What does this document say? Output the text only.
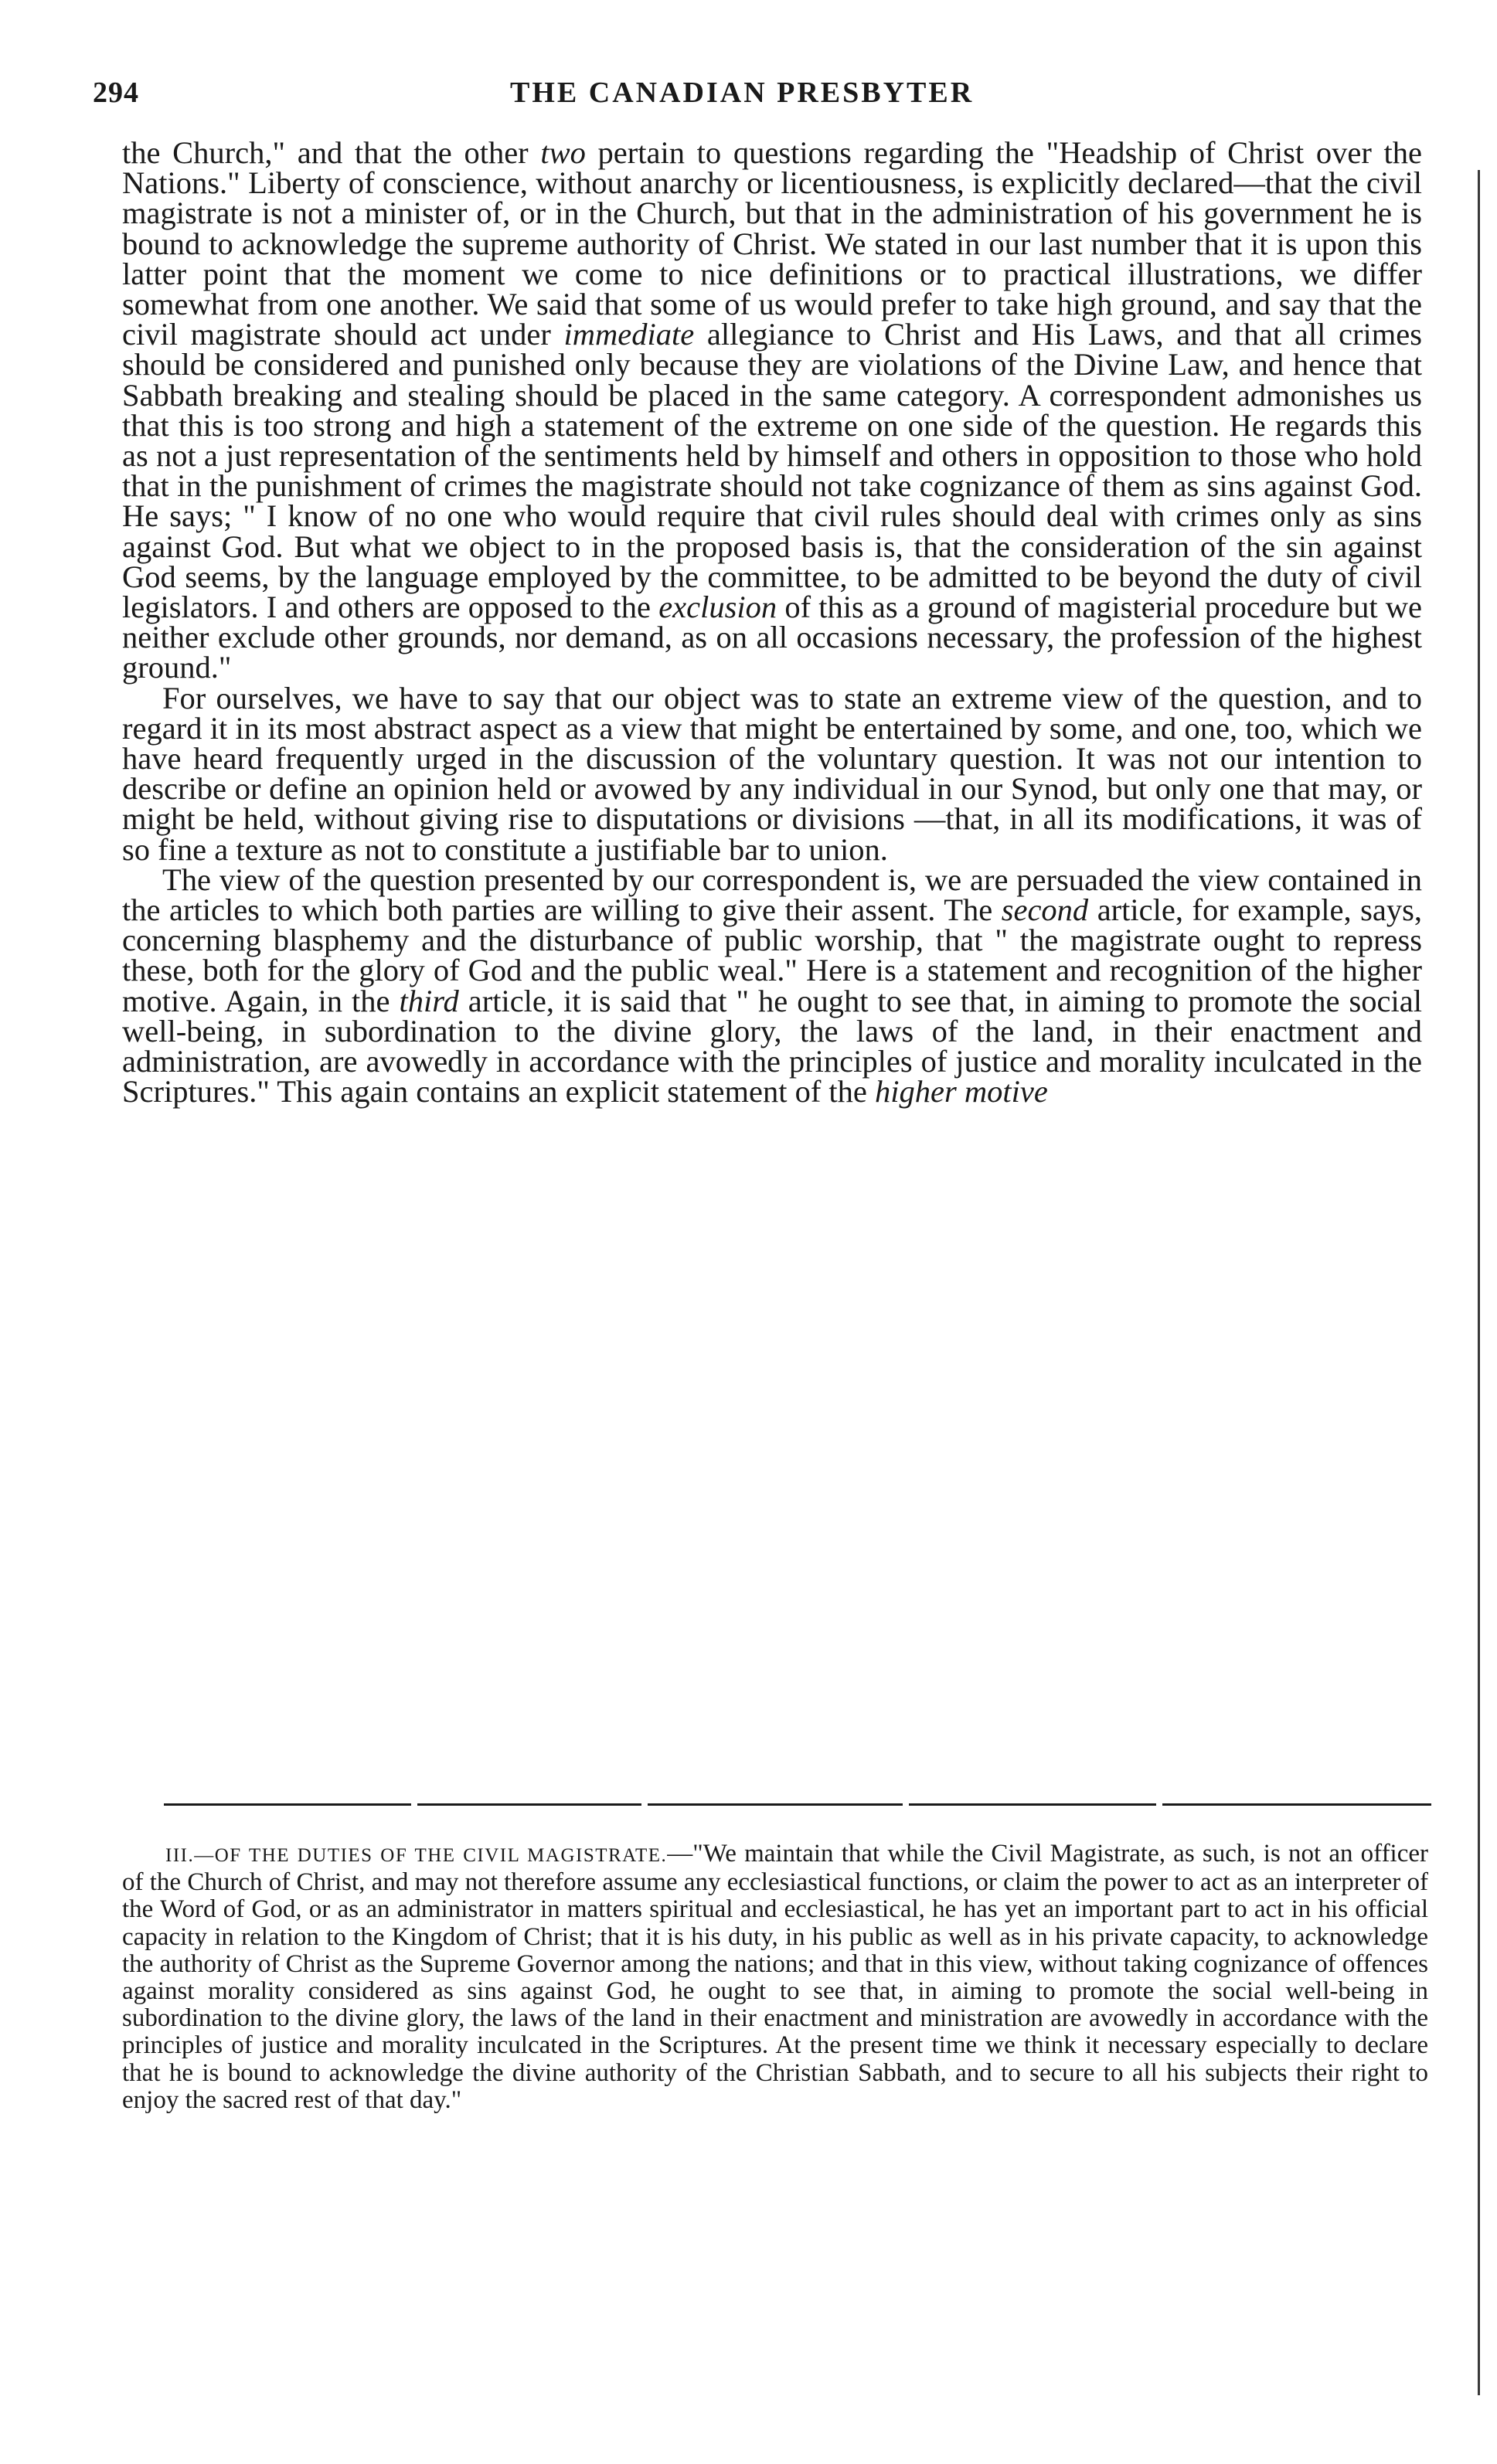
294	THE CANADIAN PRESBYTER

the Church," and that the other two pertain to questions regarding the "Headship of Christ over the Nations." Liberty of conscience, without anarchy or licentiousness, is explicitly declared—that the civil magistrate is not a minister of, or in the Church, but that in the administration of his government he is bound to acknowledge the supreme authority of Christ. We stated in our last number that it is upon this latter point that the moment we come to nice definitions or to practical illustrations, we differ somewhat from one another. We said that some of us would prefer to take high ground, and say that the civil magistrate should act under immediate allegiance to Christ and His Laws, and that all crimes should be considered and punished only because they are violations of the Divine Law, and hence that Sabbath breaking and stealing should be placed in the same category. A correspondent admonishes us that this is too strong and high a statement of the extreme on one side of the question. He regards this as not a just representation of the sentiments held by himself and others in opposition to those who hold that in the punishment of crimes the magistrate should not take cognizance of them as sins against God. He says; " I know of no one who would require that civil rules should deal with crimes only as sins against God. But what we object to in the proposed basis is, that the consideration of the sin against God seems, by the language employed by the committee, to be admitted to be beyond the duty of civil legislators. I and others are opposed to the exclusion of this as a ground of magisterial procedure but we neither exclude other grounds, nor demand, as on all occasions necessary, the profession of the highest ground."

For ourselves, we have to say that our object was to state an extreme view of the question, and to regard it in its most abstract aspect as a view that might be entertained by some, and one, too, which we have heard frequently urged in the discussion of the voluntary question. It was not our intention to describe or define an opinion held or avowed by any individual in our Synod, but only one that may, or might be held, without giving rise to disputations or divisions —that, in all its modifications, it was of so fine a texture as not to constitute a justifiable bar to union.

The view of the question presented by our correspondent is, we are persuaded the view contained in the articles to which both parties are willing to give their assent. The second article, for example, says, concerning blasphemy and the disturbance of public worship, that " the magistrate ought to repress these, both for the glory of God and the public weal." Here is a statement and recognition of the higher motive. Again, in the third article, it is said that " he ought to see that, in aiming to promote the social well-being, in subordination to the divine glory, the laws of the land, in their enactment and administration, are avowedly in accordance with the principles of justice and morality inculcated in the Scriptures." This again contains an explicit statement of the higher motive

III.—OF THE DUTIES OF THE CIVIL MAGISTRATE.—"We maintain that while the Civil Magistrate, as such, is not an officer of the Church of Christ, and may not therefore assume any ecclesiastical functions, or claim the power to act as an interpreter of the Word of God, or as an administrator in matters spiritual and ecclesiastical, he has yet an important part to act in his official capacity in relation to the Kingdom of Christ; that it is his duty, in his public as well as in his private capacity, to acknowledge the authority of Christ as the Supreme Governor among the nations; and that in this view, without taking cognizance of offences against morality considered as sins against God, he ought to see that, in aiming to promote the social well-being in subordination to the divine glory, the laws of the land in their enactment and ministration are avowedly in accordance with the principles of justice and morality inculcated in the Scriptures. At the present time we think it necessary especially to declare that he is bound to acknowledge the divine authority of the Christian Sabbath, and to secure to all his subjects their right to enjoy the sacred rest of that day."
